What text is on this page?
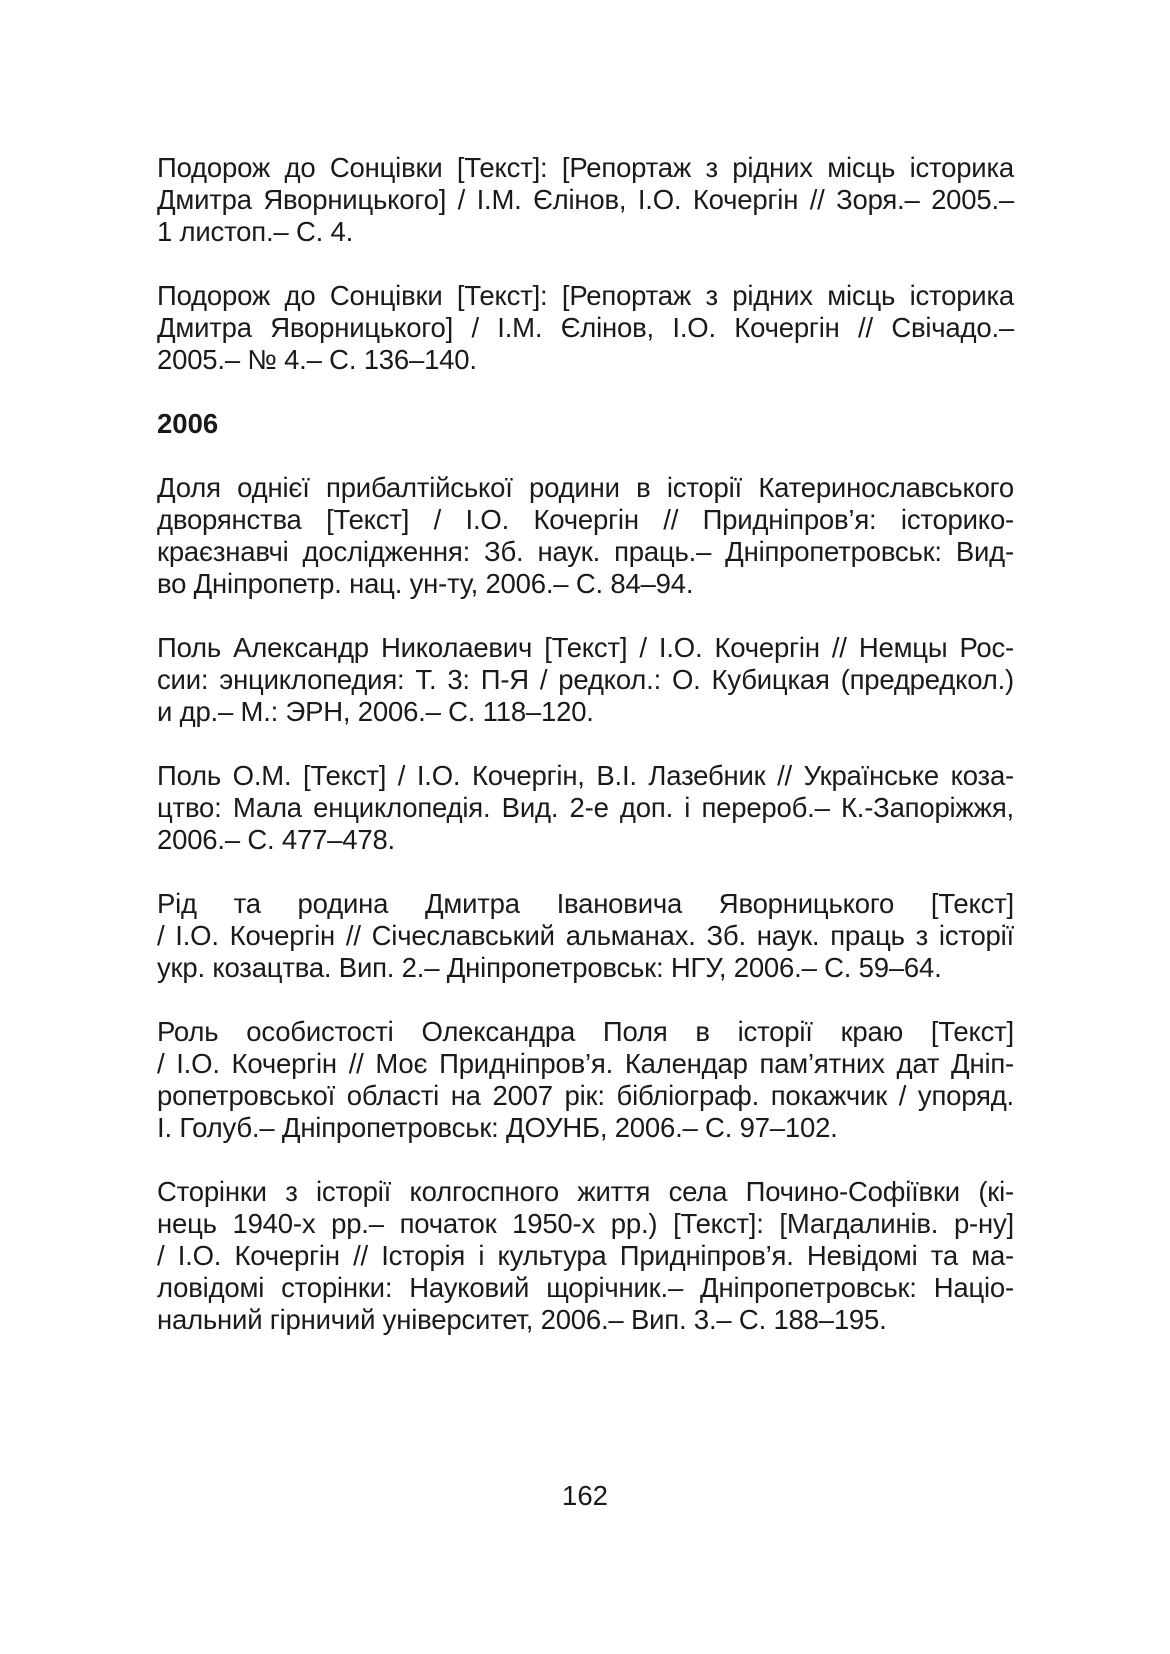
Подорож до Сонцівки [Текст]: [Репортаж з рідних місць історика
Дмитра Яворницького] / І.М. Єлінов, І.О. Кочергін // Зоря.– 2005.–
1 листоп.– С. 4.
Подорож до Сонцівки [Текст]: [Репортаж з рідних місць історика
Дмитра Яворницького] / І.М. Єлінов, І.О. Кочергін // Свічадо.–
2005.– № 4.– С. 136–140.
2006
Доля однієї прибалтійської родини в історії Катеринославського
дворянства [Текст] / І.О. Кочергін // Придніпров’я: історико-
краєзнавчі дослідження: Зб. наук. праць.– Дніпропетровськ: Вид-
во Дніпропетр. нац. ун-ту, 2006.– С. 84–94.
Поль Александр Николаевич [Текст] / І.О. Кочергін // Немцы Рос-
сии: энциклопедия: Т. 3: П-Я / редкол.: О. Кубицкая (предредкол.)
и др.– М.: ЭРН, 2006.– С. 118–120.
Поль О.М. [Текст] / І.О. Кочергін, В.І. Лазебник // Українське коза-
цтво: Мала енциклопедія. Вид. 2-е доп. і перероб.– К.-Запоріжжя,
2006.– С. 477–478.
Рід та родина Дмитра Івановича Яворницького [Текст]
/ І.О. Кочергін // Січеславський альманах. Зб. наук. праць з історії
укр. козацтва. Вип. 2.– Дніпропетровськ: НГУ, 2006.– С. 59–64.
Роль особистості Олександра Поля в історії краю [Текст]
/ І.О. Кочергін // Моє Придніпров’я. Календар пам’ятних дат Дніп-
ропетровської області на 2007 рік: бібліограф. покажчик / упоряд.
І. Голуб.– Дніпропетровськ: ДОУНБ, 2006.– С. 97–102.
Сторінки з історії колгоспного життя села Почино-Софіївки (кі-
нець 1940-х рр.– початок 1950-х рр.) [Текст]: [Магдалинів. р-ну]
/ І.О. Кочергін // Історія і культура Придніпров’я. Невідомі та ма-
ловідомі сторінки: Науковий щорічник.– Дніпропетровськ: Націо-
нальний гірничий університет, 2006.– Вип. 3.– С. 188–195.
162
